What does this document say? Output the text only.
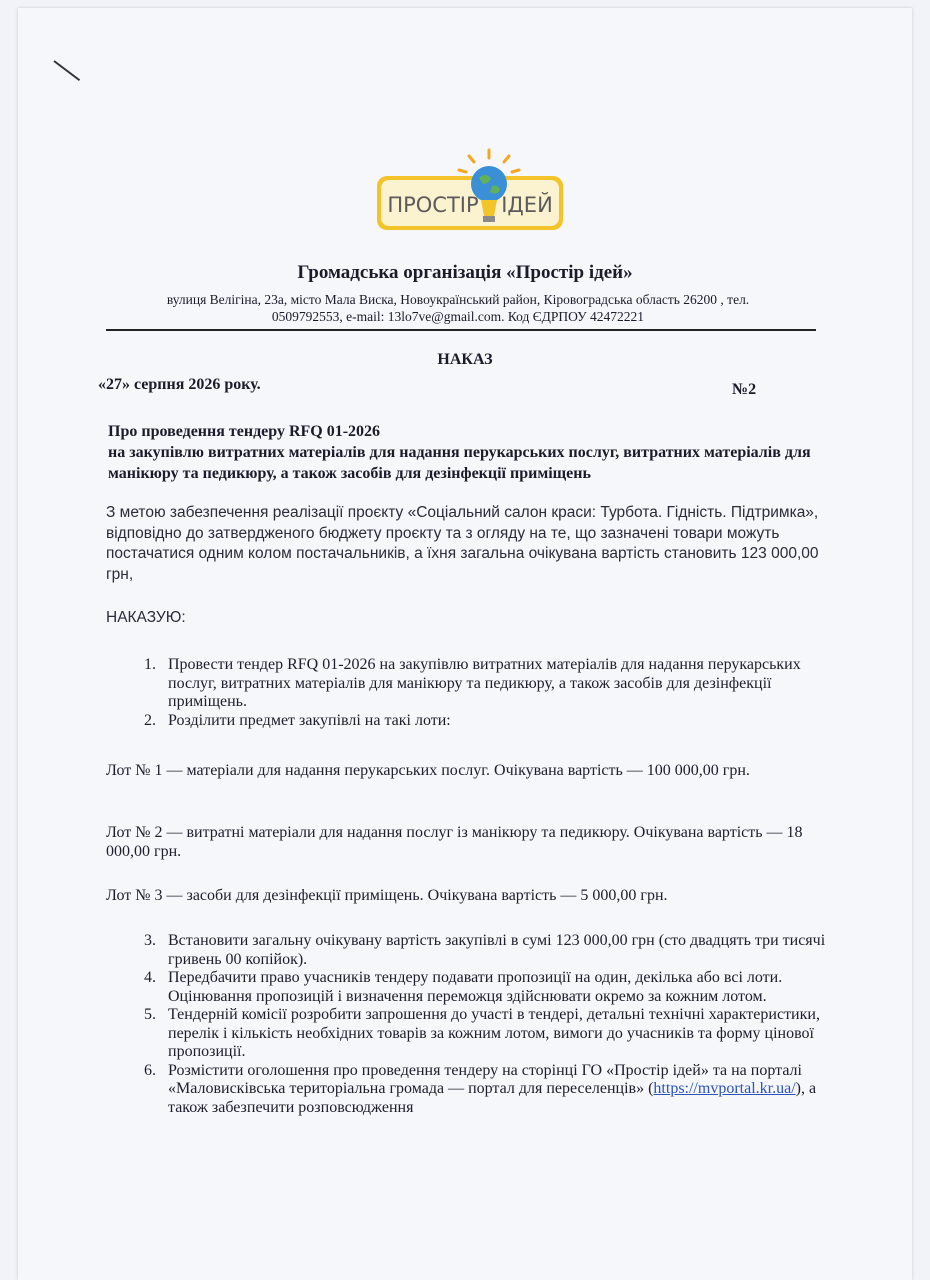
ПРОСТІР ІДЕЙ
Громадська організація «Простір ідей»
вулиця Велігіна, 23а, місто Мала Виска, Новоукраїнський район, Кіровоградська область 26200 , тел.
0509792553, e-mail: 13lo7ve@gmail.com. Код ЄДРПОУ 42472221
НАКАЗ
«27» серпня 2026 року.	№2
Про проведення тендеру RFQ 01-2026
на закупівлю витратних матеріалів для надання перукарських послуг, витратних матеріалів для манікюру та педикюру, а також засобів для дезінфекції приміщень
З метою забезпечення реалізації проєкту «Соціальний салон краси: Турбота. Гідність. Підтримка», відповідно до затвердженого бюджету проєкту та з огляду на те, що зазначені товари можуть постачатися одним колом постачальників, а їхня загальна очікувана вартість становить 123 000,00 грн,
НАКАЗУЮ:
1. Провести тендер RFQ 01-2026 на закупівлю витратних матеріалів для надання перукарських послуг, витратних матеріалів для манікюру та педикюру, а також засобів для дезінфекції приміщень.
2. Розділити предмет закупівлі на такі лоти:
Лот № 1 — матеріали для надання перукарських послуг. Очікувана вартість — 100 000,00 грн.
Лот № 2 — витратні матеріали для надання послуг із манікюру та педикюру. Очікувана вартість — 18 000,00 грн.
Лот № 3 — засоби для дезінфекції приміщень. Очікувана вартість — 5 000,00 грн.
3. Встановити загальну очікувану вартість закупівлі в сумі 123 000,00 грн (сто двадцять три тисячі гривень 00 копійок).
4. Передбачити право учасників тендеру подавати пропозиції на один, декілька або всі лоти. Оцінювання пропозицій і визначення переможця здійснювати окремо за кожним лотом.
5. Тендерній комісії розробити запрошення до участі в тендері, детальні технічні характеристики, перелік і кількість необхідних товарів за кожним лотом, вимоги до учасників та форму цінової пропозиції.
6. Розмістити оголошення про проведення тендеру на сторінці ГО «Простір ідей» та на порталі «Маловисківська територіальна громада — портал для переселенців» (https://mvportal.kr.ua/), а також забезпечити розповсюдження
